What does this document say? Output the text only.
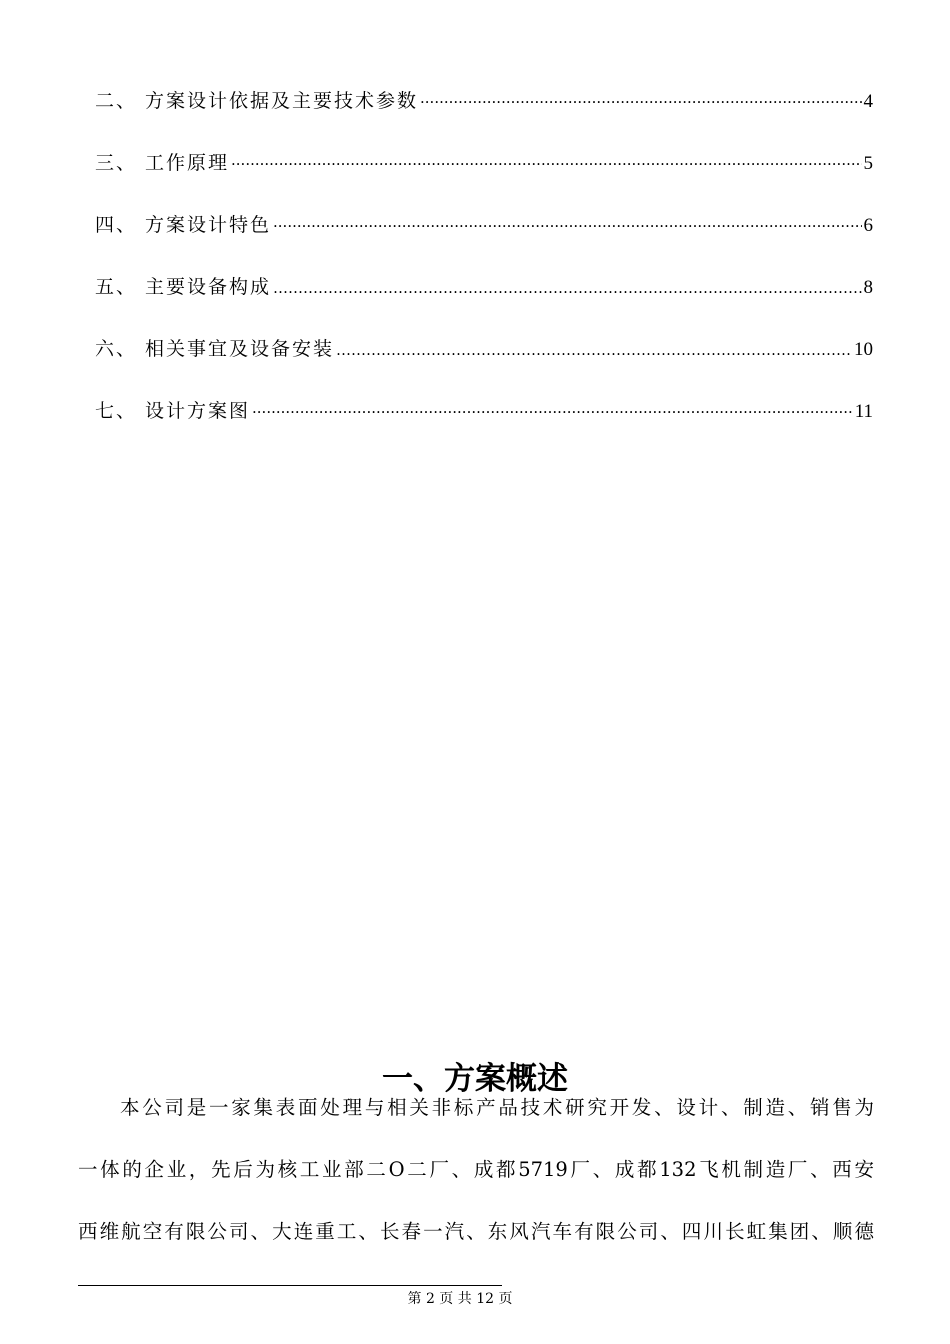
二、 方案设计依据及主要技术参数 ·····	4
三、 工作原理 ·····	5
四、 方案设计特色 ·····	6
五、 主要设备构成 …………………………………………………………………………………………………………………………………………	8
六、 相关事宜及设备安装 …………………………………………………………………………………………………………………………………………	10
七、 设计方案图 ·····	11
一、方案概述

本公司是一家集表面处理与相关非标产品技术研究开发、设计、制造、销售为
一体的企业，先后为核工业部二O二厂、成都5719厂、成都132飞机制造厂、西安
西维航空有限公司、大连重工、长春一汽、东风汽车有限公司、四川长虹集团、顺德

第 2 页 共 12 页
